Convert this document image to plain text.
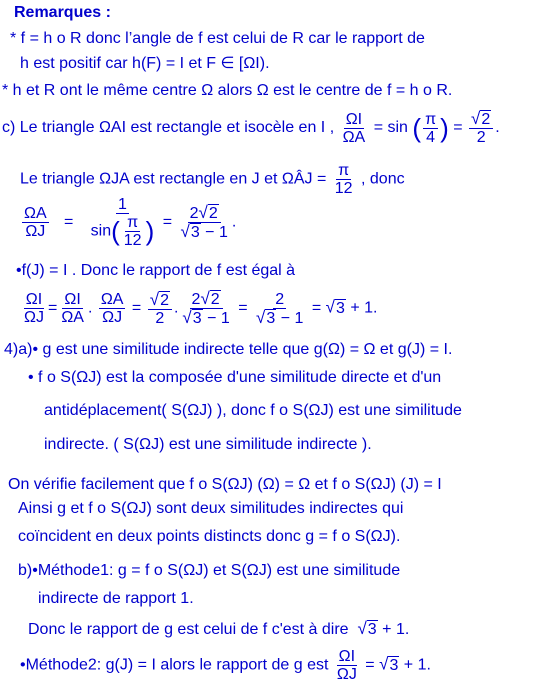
Remarques :
* f = h o R donc l’angle de f est celui de R car le rapport de
h est positif car h(F) = I et F ∈ [ΩI).
* h et R ont le même centre Ω alors Ω est le centre de f = h o R.
c) Le triangle ΩAI est rectangle et isocèle en I , $\frac{\Omega I}{\Omega A} = \sin$ ( $\frac{\pi}{4}$ ) = $\frac{√2}{2}$ .
Le triangle ΩJA est rectangle en J et ΩÂJ = $\frac{\pi}{12}$ , donc
$\frac{\Omega A}{\Omega J} = \frac{1}{\sin( \frac{\pi}{12} )} = \frac{2√2}{√3 - 1}$ .
•f(J) = I . Donc le rapport de f est égal à
$\frac{\Omega I}{\Omega J} = \frac{\Omega I}{\Omega A}$ . $\frac{\Omega A}{\Omega J} = \frac{√2}{2}$ . $\frac{2√2}{√3 - 1} = \frac{2}{√3 - 1} = √3 + 1$.
4)a)• g est une similitude indirecte telle que g(Ω) = Ω et g(J) = I.
• f o S(ΩJ) est la composée d'une similitude directe et d'un
antidéplacement( S(ΩJ) ), donc f o S(ΩJ) est une similitude
indirecte. ( S(ΩJ) est une similitude indirecte ).
On vérifie facilement que f o S(ΩJ) (Ω) = Ω et f o S(ΩJ) (J) = I
Ainsi g et f o S(ΩJ) sont deux similitudes indirectes qui
coïncident en deux points distincts donc g = f o S(ΩJ).
b)•Méthode1: g = f o S(ΩJ) et S(ΩJ) est une similitude
indirecte de rapport 1.
Donc le rapport de g est celui de f c'est à dire √3 + 1.
•Méthode2: g(J) = I alors le rapport de g est $\frac{\Omega I}{\Omega J} = √3 + 1$.
